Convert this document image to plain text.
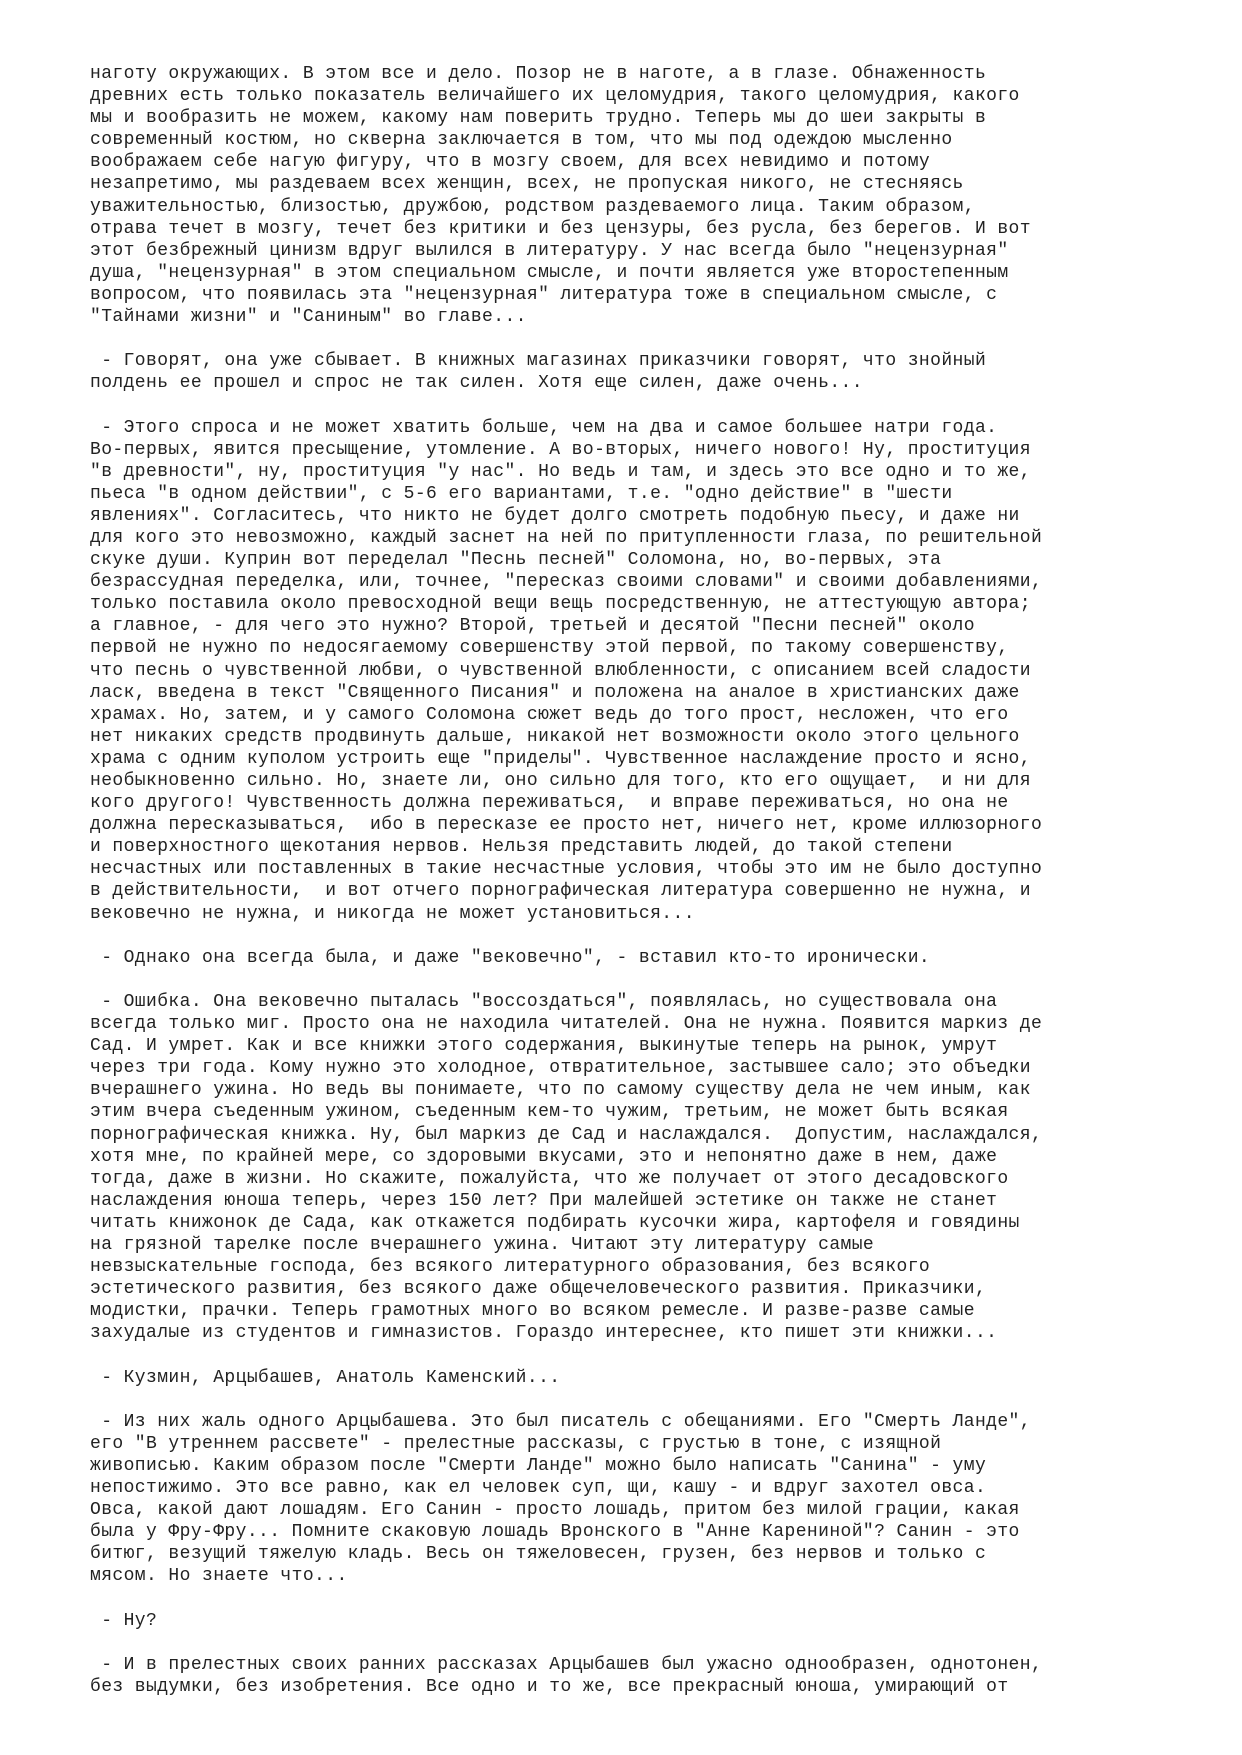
наготу окружающих. В этом все и дело. Позор не в наготе, а в глазе. Обнаженность
древних есть только показатель величайшего их целомудрия, такого целомудрия, какого
мы и вообразить не можем, какому нам поверить трудно. Теперь мы до шеи закрыты в
современный костюм, но скверна заключается в том, что мы под одеждою мысленно
воображаем себе нагую фигуру, что в мозгу своем, для всех невидимо и потому
незапретимо, мы раздеваем всех женщин, всех, не пропуская никого, не стесняясь
уважительностью, близостью, дружбою, родством раздеваемого лица. Таким образом,
отрава течет в мозгу, течет без критики и без цензуры, без русла, без берегов. И вот
этот безбрежный цинизм вдруг вылился в литературу. У нас всегда было "нецензурная"
душа, "нецензурная" в этом специальном смысле, и почти является уже второстепенным
вопросом, что появилась эта "нецензурная" литература тоже в специальном смысле, с
"Тайнами жизни" и "Саниным" во главе...

- Говорят, она уже сбывает. В книжных магазинах приказчики говорят, что знойный
полдень ее прошел и спрос не так силен. Хотя еще силен, даже очень...

- Этого спроса и не может хватить больше, чем на два и самое большее натри года.
Во-первых, явится пресыщение, утомление. А во-вторых, ничего нового! Ну, проституция
"в древности", ну, проституция "у нас". Но ведь и там, и здесь это все одно и то же,
пьеса "в одном действии", с 5-6 его вариантами, т.е. "одно действие" в "шести
явлениях". Согласитесь, что никто не будет долго смотреть подобную пьесу, и даже ни
для кого это невозможно, каждый заснет на ней по притупленности глаза, по решительной
скуке души. Куприн вот переделал "Песнь песней" Соломона, но, во-первых, эта
безрассудная переделка, или, точнее, "пересказ своими словами" и своими добавлениями,
только поставила около превосходной вещи вещь посредственную, не аттестующую автора;
а главное, - для чего это нужно? Второй, третьей и десятой "Песни песней" около
первой не нужно по недосягаемому совершенству этой первой, по такому совершенству,
что песнь о чувственной любви, о чувственной влюбленности, с описанием всей сладости
ласк, введена в текст "Священного Писания" и положена на аналое в христианских даже
храмах. Но, затем, и у самого Соломона сюжет ведь до того прост, несложен, что его
нет никаких средств продвинуть дальше, никакой нет возможности около этого цельного
храма с одним куполом устроить еще "приделы". Чувственное наслаждение просто и ясно,
необыкновенно сильно. Но, знаете ли, оно сильно для того, кто его ощущает,  и ни для
кого другого! Чувственность должна переживаться,  и вправе переживаться, но она не
должна пересказываться,  ибо в пересказе ее просто нет, ничего нет, кроме иллюзорного
и поверхностного щекотания нервов. Нельзя представить людей, до такой степени
несчастных или поставленных в такие несчастные условия, чтобы это им не было доступно
в действительности,  и вот отчего порнографическая литература совершенно не нужна, и
вековечно не нужна, и никогда не может установиться...

- Однако она всегда была, и даже "вековечно", - вставил кто-то иронически.

- Ошибка. Она вековечно пыталась "воссоздаться", появлялась, но существовала она
всегда только миг. Просто она не находила читателей. Она не нужна. Появится маркиз де
Сад. И умрет. Как и все книжки этого содержания, выкинутые теперь на рынок, умрут
через три года. Кому нужно это холодное, отвратительное, застывшее сало; это объедки
вчерашнего ужина. Но ведь вы понимаете, что по самому существу дела не чем иным, как
этим вчера съеденным ужином, съеденным кем-то чужим, третьим, не может быть всякая
порнографическая книжка. Ну, был маркиз де Сад и наслаждался.  Допустим, наслаждался,
хотя мне, по крайней мере, со здоровыми вкусами, это и непонятно даже в нем, даже
тогда, даже в жизни. Но скажите, пожалуйста, что же получает от этого десадовского
наслаждения юноша теперь, через 150 лет? При малейшей эстетике он также не станет
читать книжонок де Сада, как откажется подбирать кусочки жира, картофеля и говядины
на грязной тарелке после вчерашнего ужина. Читают эту литературу самые
невзыскательные господа, без всякого литературного образования, без всякого
эстетического развития, без всякого даже общечеловеческого развития. Приказчики,
модистки, прачки. Теперь грамотных много во всяком ремесле. И разве-разве самые
захудалые из студентов и гимназистов. Гораздо интереснее, кто пишет эти книжки...

- Кузмин, Арцыбашев, Анатоль Каменский...

- Из них жаль одного Арцыбашева. Это был писатель с обещаниями. Его "Смерть Ланде",
его "В утреннем рассвете" - прелестные рассказы, с грустью в тоне, с изящной
живописью. Каким образом после "Смерти Ланде" можно было написать "Санина" - уму
непостижимо. Это все равно, как ел человек суп, щи, кашу - и вдруг захотел овса.
Овса, какой дают лошадям. Его Санин - просто лошадь, притом без милой грации, какая
была у Фру-Фру... Помните скаковую лошадь Вронского в "Анне Карениной"? Санин - это
битюг, везущий тяжелую кладь. Весь он тяжеловесен, грузен, без нервов и только с
мясом. Но знаете что...

- Ну?

- И в прелестных своих ранних рассказах Арцыбашев был ужасно однообразен, однотонен,
без выдумки, без изобретения. Все одно и то же, все прекрасный юноша, умирающий от
